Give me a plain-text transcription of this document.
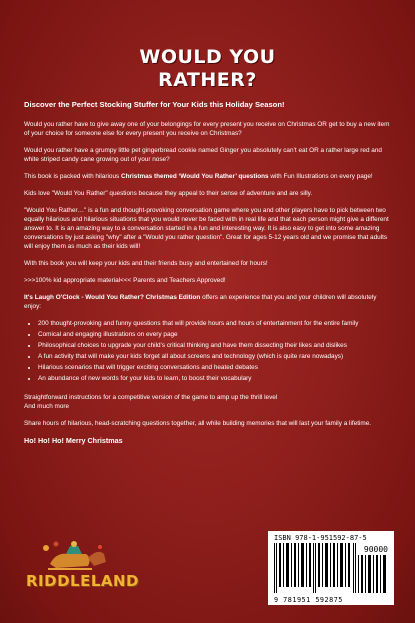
WOULD YOU
RATHER?

Discover the Perfect Stocking Stuffer for Your Kids this Holiday Season!

Would you rather have to give away one of your belongings for every present you receive on Christmas OR get to buy a new item of your choice for someone else for every present you receive on Christmas?

Would you rather have a grumpy little pet gingerbread cookie named Ginger you absolutely can’t eat OR a rather large red and white striped candy cane growing out of your nose?

This book is packed with hilarious Christmas themed ‘Would You Rather’ questions with Fun Illustrations on every page!

Kids love "Would You Rather" questions because they appeal to their sense of adventure and are silly.

"Would You Rather…" is a fun and thought-provoking conversation game where you and other players have to pick between two equally hilarious and hilarious situations that you would never be faced with in real life and that each person might give a different answer to. It is an amazing way to a conversation started in a fun and interesting way. It is also easy to get into some amazing conversations by just asking "why" after a "Would you rather question". Great for ages 5-12 years old and we promise that adults will enjoy them as much as their kids will!

With this book you will keep your kids and their friends busy and entertained for hours!

>>>100% kid appropriate material<<< Parents and Teachers Approved!

It's Laugh O'Clock - Would You Rather? Christmas Edition offers an experience that you and your children will absolutely enjoy:

• 200 thought-provoking and funny questions that will provide hours and hours of entertainment for the entire family
• Comical and engaging illustrations on every page
• Philosophical choices to upgrade your child’s critical thinking and have them dissecting their likes and dislikes
• A fun activity that will make your kids forget all about screens and technology (which is quite rare nowadays)
• Hilarious scenarios that will trigger exciting conversations and heated debates
• An abundance of new words for your kids to learn, to boost their vocabulary

Straightforward instructions for a competitive version of the game to amp up the thrill level
And much more

Share hours of hilarious, head-scratching questions together, all while building memories that will last your family a lifetime.

Ho! Ho! Ho! Merry Christmas

RIDDLELAND
ISBN 978-1-951592-87-5
90000
9 781951 592875
